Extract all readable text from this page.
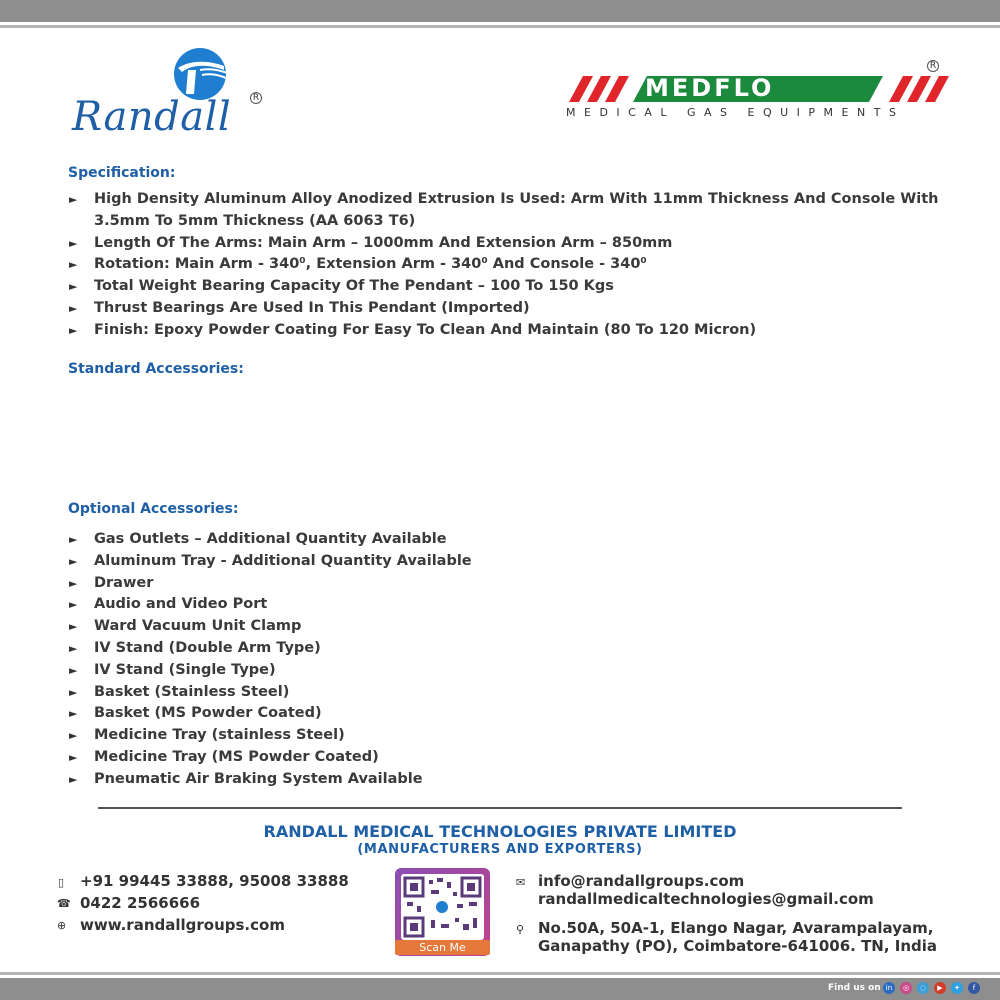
Randall	R	MEDFLO
R
MEDICAL GAS EQUIPMENTS
Specification:
► High Density Aluminum Alloy Anodized Extrusion Is Used: Arm With 11mm Thickness And Console With 3.5mm To 5mm Thickness (AA 6063 T6)
► Length Of The Arms: Main Arm – 1000mm And Extension Arm – 850mm
► Rotation: Main Arm - 340⁰, Extension Arm - 340⁰ And Console - 340⁰
► Total Weight Bearing Capacity Of The Pendant – 100 To 150 Kgs
► Thrust Bearings Are Used In This Pendant (Imported)
► Finish: Epoxy Powder Coating For Easy To Clean And Maintain (80 To 120 Micron)
Standard Accessories:
Optional Accessories:
► Gas Outlets – Additional Quantity Available
► Aluminum Tray - Additional Quantity Available
► Drawer
► Audio and Video Port
► Ward Vacuum Unit Clamp
► IV Stand (Double Arm Type)
► IV Stand (Single Type)
► Basket (Stainless Steel)
► Basket (MS Powder Coated)
► Medicine Tray (stainless Steel)
► Medicine Tray (MS Powder Coated)
► Pneumatic Air Braking System Available
RANDALL MEDICAL TECHNOLOGIES PRIVATE LIMITED
(MANUFACTURERS AND EXPORTERS)
▯ +91 99445 33888, 95008 33888
☎ 0422 2566666
⊕ www.randallgroups.com
Scan Me
✉ info@randallgroups.com
randallmedicaltechnologies@gmail.com
⚲ No.50A, 50A-1, Elango Nagar, Avarampalayam,
Ganapathy (PO), Coimbatore-641006. TN, India
Find us on in	◎	◌	▶	✦	f
